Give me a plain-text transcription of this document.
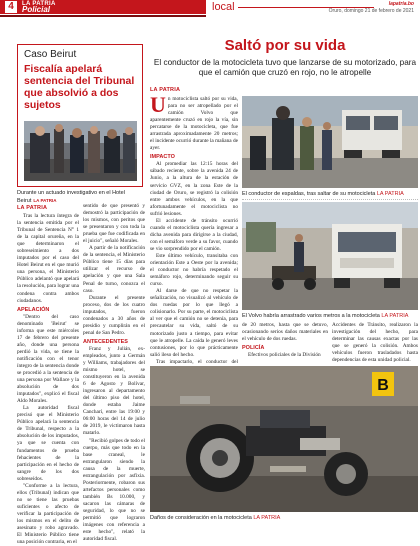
4	LA PATRIA
Policial	local	lapatria.bo
Oruro, domingo 21 de febrero de 2021
Caso Beirut
Fiscalía apelará sentencia del Tribunal que absolvió a dos sujetos
Durante un actuado investigativo en el Hotel Beirut LA PATRIA
LA PATRIA

Tras la lectura íntegra de la sentencia emitida por el Tribunal de Sentencia N° 1 de la capital orureña, en la que determinaron el sobreseimiento a dos imputados por el caso del Hotel Beirut en el que murió una persona, el Ministerio Público adelantó que apelará la resolución, para lograr una condena contra ambos ciudadanos.

APELACIÓN

"Dentro del caso denominado 'Beirut' se informa que este miércoles 17 de febrero del presente año, donde una persona perdió la vida, se tiene la notificación con el tenor íntegro de la sentencia donde se procedió a la sentencia de una persona por Wallace y la absolución de dos imputados", explicó el fiscal Aldo Morales.

La autoridad fiscal precisó que el Ministerio Público apelará la sentencia de Tribunal, respecto a la absolución de los imputados, ya que se cuenta con fundamentos de prueba fehacientes de la participación en el hecho de sangre de los dos sobreseídos.

"Conforme a la lectura, ellos (Tribunal) indican que no se tiene las pruebas suficientes o afecto de verificar la participación de los mismos en el delito de asesinato y robo agravado. El Ministerio Público tiene una posición contraria, en el

sentido de que presentó y demostró la participación de los mismos, con peritos que se presentaron y con toda la prueba que fue codificada en el juicio", señaló Morales.

A partir de la notificación de la sentencia, el Ministerio Público tiene 15 días para utilizar el recurso de apelación y que una Sala Penal de turno, conozca el caso.

Durante el presente proceso, dos de los cuatro imputados, fueron condenados a 30 años de presidio y cumplirán en el penal de San Pedro.

ANTECEDENTES

Franz y Julián, ex-empleados, junto a Germán y Williams, trabajadores del mismo hotel, se constituyeron en la avenida 6 de Agosto y Bolívar, ingresaron al departamento del último piso del hotel, donde estaba Jaime Cancharí, entre las 19:00 y 06:00 horas del 14 de julio de 2019, le victimaron hasta matarlo.

"Recibió golpes de todo el cuerpo, más que todo en la base craneal, le estrangularon siendo la causa de la muerte, estrangulación por asfixia. Posteriormente, robaron sus artefactos personales como también Bs 10.000, y sacaron las cámaras de seguridad, lo que no se permitió que lograron imágenes con referencia a este hecho", relató la autoridad fiscal.

Saltó por su vida
El conductor de la motocicleta tuvo que lanzarse de su motorizado, para que el camión que cruzó en rojo, no le atropelle
LA PATRIA

Un motociclista saltó por su vida, para no ser atropellado por el camión Volvo que aparentemente cruzó en rojo la vía, sin percatarse de la motocicleta, que fue arrastrada aproximadamente 20 metros; el incidente ocurrió durante la mañana de ayer.

IMPACTO

Al promediar las 12:15 horas del sábado reciente, sobre la avenida 24 de Junio, a la altura de la estación de servicio GVZ, en la zona Este de la ciudad de Oruro, se registró la colisión entre ambos vehículos, en la que afortunadamente el motociclista no sufrió lesiones.

El accidente de tránsito ocurrió cuando el motociclista quería ingresar a dicha avenida para dirigirse a la ciudad, con el semáforo verde a su favor, cuando se vio sorprendido por el camión.

Este último vehículo, transitaba con orientación Este a Oeste por la avenida; el conductor no habría respetado el semáforo rojo, determinando seguir su curso.

Al darse de que no respetar la señalización, no visualizó al vehículo de dos ruedas por lo que llegó a colisionarlo. Por su parte, el motociclista al ver que el camión no se detenía, para precautelar su vida, saltó de su motorizado justo a tiempo, para evitar que le atropelle. La caída le generó leves contusiones, por lo que prácticamente salió ileso del hecho.

Tras impactarlo, el conductor del

El conductor de espaldas, tras saltar de su motocicleta LA PATRIA
El Volvo habría arrastrado varios metros a la motocicleta LA PATRIA

de 20 metros, hasta que se detuvo, ocasionando serios daños materiales en el vehículo de dos ruedas.

POLICÍA

Efectivos policiales de la División

Accidentes de Tránsito, realizaron la investigación del hecho, para determinar las causas exactas por las que se generó la colisión. Ambos vehículos fueron trasladados hasta dependencias de esta unidad policial.

B
Daños de consideración en la motocicleta LA PATRIA
